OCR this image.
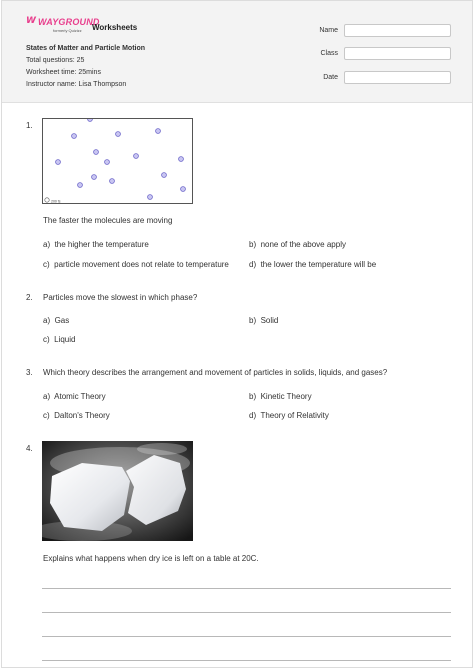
W WAYGROUND
formerly Quizizz Worksheets
States of Matter and Particle Motion
Total questions: 25
Worksheet time: 25mins
Instructor name: Lisa Thompson
Name
Class
Date
1.
200 fs
The faster the molecules are moving
a) the higher the temperature	b) none of the above apply
c) particle movement does not relate to temperature	d) the lower the temperature will be
2. Particles move the slowest in which phase?
a) Gas	b) Solid
c) Liquid
3. Which theory describes the arrangement and movement of particles in solids, liquids, and gases?
a) Atomic Theory	b) Kinetic Theory
c) Dalton's Theory	d) Theory of Relativity
4.
Explains what happens when dry ice is left on a table at 20C.
